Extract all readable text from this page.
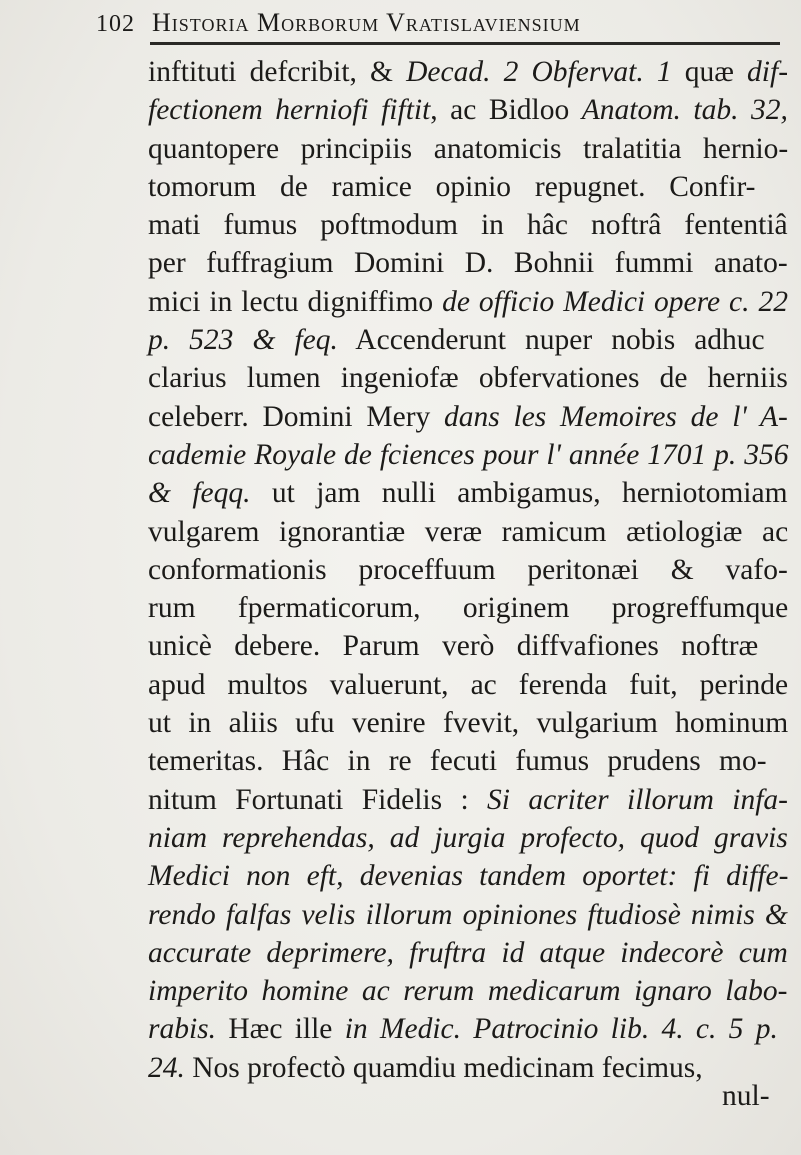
102 Historia Morborum Vratislaviensium
inftituti defcribit, & Decad. 2 Obfervat. 1 quæ dif-
fectionem herniofi fiftit, ac Bidloo Anatom. tab. 32,
quantopere principiis anatomicis tralatitia hernio-
tomorum de ramice opinio repugnet. Confir-
mati fumus poftmodum in hâc noftrâ fententiâ
per fuffragium Domini D. Bohnii fummi anato-
mici in lectu digniffimo de officio Medici opere c. 22
p. 523 & feq. Accenderunt nuper nobis adhuc
clarius lumen ingeniofæ obfervationes de herniis
celeberr. Domini Mery dans les Memoires de l' A-
cademie Royale de fciences pour l' année 1701 p. 356
& feqq. ut jam nulli ambigamus, herniotomiam
vulgarem ignorantiæ veræ ramicum ætiologiæ ac
conformationis proceffuum peritonæi & vafo-
rum fpermaticorum, originem progreffumque
unicè debere. Parum verò diffvafiones noftræ
apud multos valuerunt, ac ferenda fuit, perinde
ut in aliis ufu venire fvevit, vulgarium hominum
temeritas. Hâc in re fecuti fumus prudens mo-
nitum Fortunati Fidelis : Si acriter illorum infa-
niam reprehendas, ad jurgia profecto, quod gravis
Medici non eft, devenias tandem oportet: fi diffe-
rendo falfas velis illorum opiniones ftudiosè nimis &
accurate deprimere, fruftra id atque indecorè cum
imperito homine ac rerum medicarum ignaro labo-
rabis. Hæc ille in Medic. Patrocinio lib. 4. c. 5 p.
24. Nos profectò quamdiu medicinam fecimus,
nul-
